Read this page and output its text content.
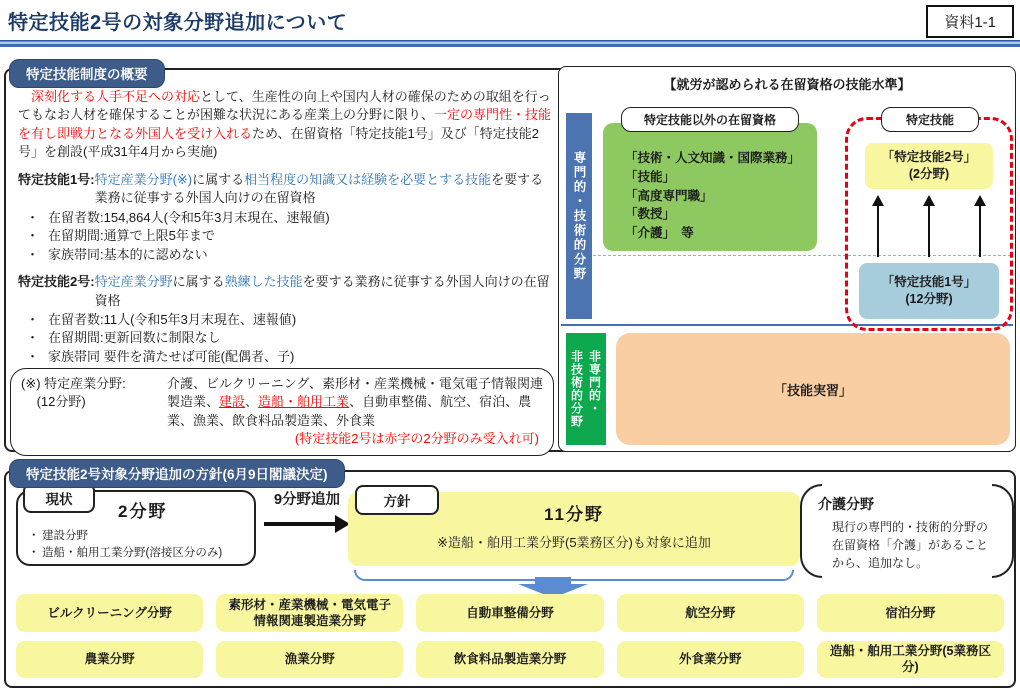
特定技能2号の対象分野追加について	資料1-1
特定技能制度の概要
深刻化する人手不足への対応として、生産性の向上や国内人材の確保のための取組を行ってもなお人材を確保することが困難な状況にある産業上の分野に限り、一定の専門性・技能を有し即戦力となる外国人を受け入れるため、在留資格「特定技能1号」及び「特定技能2号」を創設(平成31年4月から実施)
特定技能1号: 特定産業分野(※)に属する相当程度の知識又は経験を必要とする技能を要する業務に従事する外国人向けの在留資格
・ 在留者数:154,864人(令和5年3月末現在、速報値)
・ 在留期間:通算で上限5年まで
・ 家族帯同:基本的に認めない
特定技能2号: 特定産業分野に属する熟練した技能を要する業務に従事する外国人向けの在留資格
・ 在留者数:11人(令和5年3月末現在、速報値)
・ 在留期間:更新回数に制限なし
・ 家族帯同 要件を満たせば可能(配偶者、子)
(※) 特定産業分野:
(12分野)
介護、ビルクリーニング、素形材・産業機械・電気電子情報関連製造業、建設、造船・舶用工業、自動車整備、航空、宿泊、農業、漁業、飲食料品製造業、外食業
(特定技能2号は赤字の2分野のみ受入れ可)
【就労が認められる在留資格の技能水準】
専門的・技術的分野
特定技能以外の在留資格
「技術・人文知識・国際業務」
「技能」
「高度専門職」
「教授」
「介護」　等
特定技能
「特定技能2号」
(2分野)
「特定技能1号」
(12分野)
非専門的・
非技術的分野	「技能実習」
特定技能2号対象分野追加の方針(6月9日閣議決定)
現状
2分野
・ 建設分野
・ 造船・舶用工業分野(溶接区分のみ)
9分野追加	方針
11分野
※造船・舶用工業分野(5業務区分)も対象に追加
介護分野
現行の専門的・技術的分野の在留資格「介護」があることから、追加なし。
ビルクリーニング分野
素形材・産業機械・電気電子情報関連製造業分野
自動車整備分野	航空分野	宿泊分野
農業分野	漁業分野	飲食料品製造業分野	外食業分野
造船・舶用工業分野(5業務区分)
